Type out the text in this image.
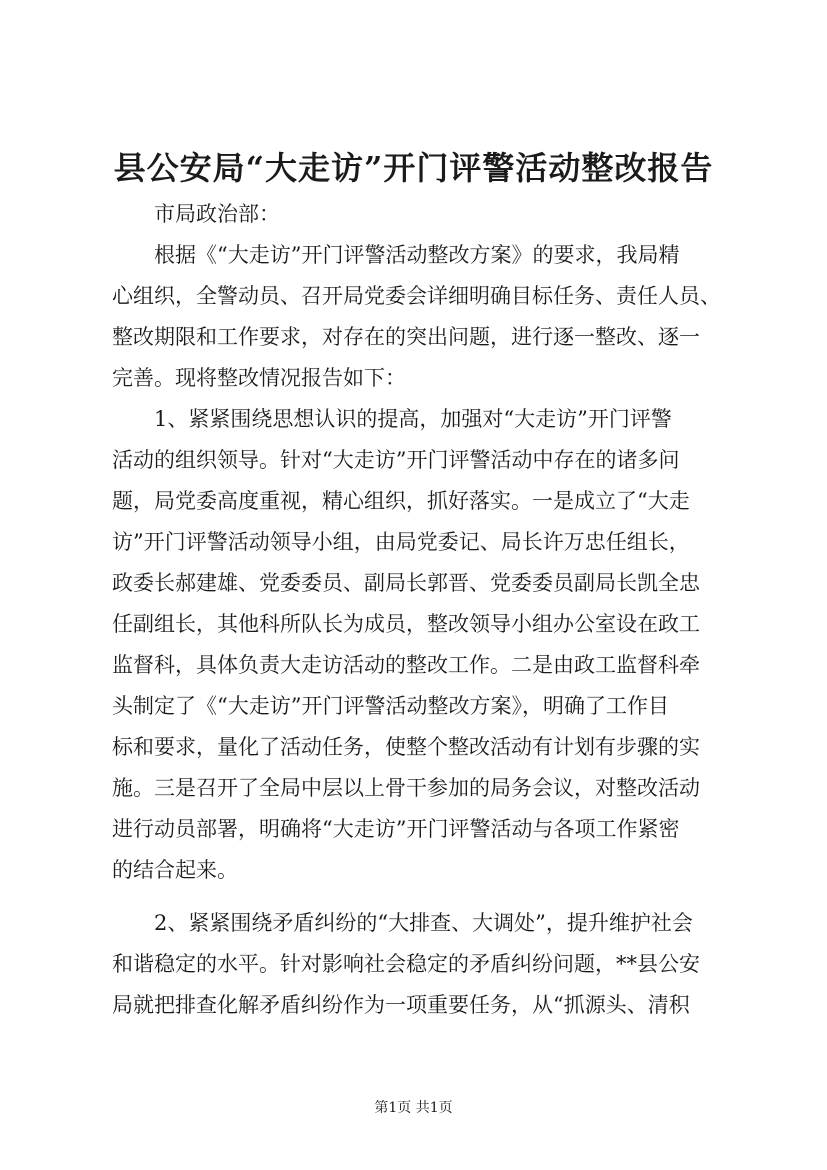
县公安局“大走访”开门评警活动整改报告
　　市局政治部：
　　根据《“大走访”开门评警活动整改方案》的要求，我局精
心组织，全警动员、召开局党委会详细明确目标任务、责任人员、
整改期限和工作要求，对存在的突出问题，进行逐一整改、逐一
完善。现将整改情况报告如下：
　　1、紧紧围绕思想认识的提高，加强对“大走访”开门评警
活动的组织领导。针对“大走访”开门评警活动中存在的诸多问
题，局党委高度重视，精心组织，抓好落实。一是成立了“大走
访”开门评警活动领导小组，由局党委记、局长许万忠任组长，
政委长郝建雄、党委委员、副局长郭晋、党委委员副局长凯全忠
任副组长，其他科所队长为成员，整改领导小组办公室设在政工
监督科，具体负责大走访活动的整改工作。二是由政工监督科牵
头制定了《“大走访”开门评警活动整改方案》，明确了工作目
标和要求，量化了活动任务，使整个整改活动有计划有步骤的实
施。三是召开了全局中层以上骨干参加的局务会议，对整改活动
进行动员部署，明确将“大走访”开门评警活动与各项工作紧密
的结合起来。
　　2、紧紧围绕矛盾纠纷的“大排查、大调处”，提升维护社会
和谐稳定的水平。针对影响社会稳定的矛盾纠纷问题，**县公安
局就把排查化解矛盾纠纷作为一项重要任务，从“抓源头、清积
第1页 共1页
